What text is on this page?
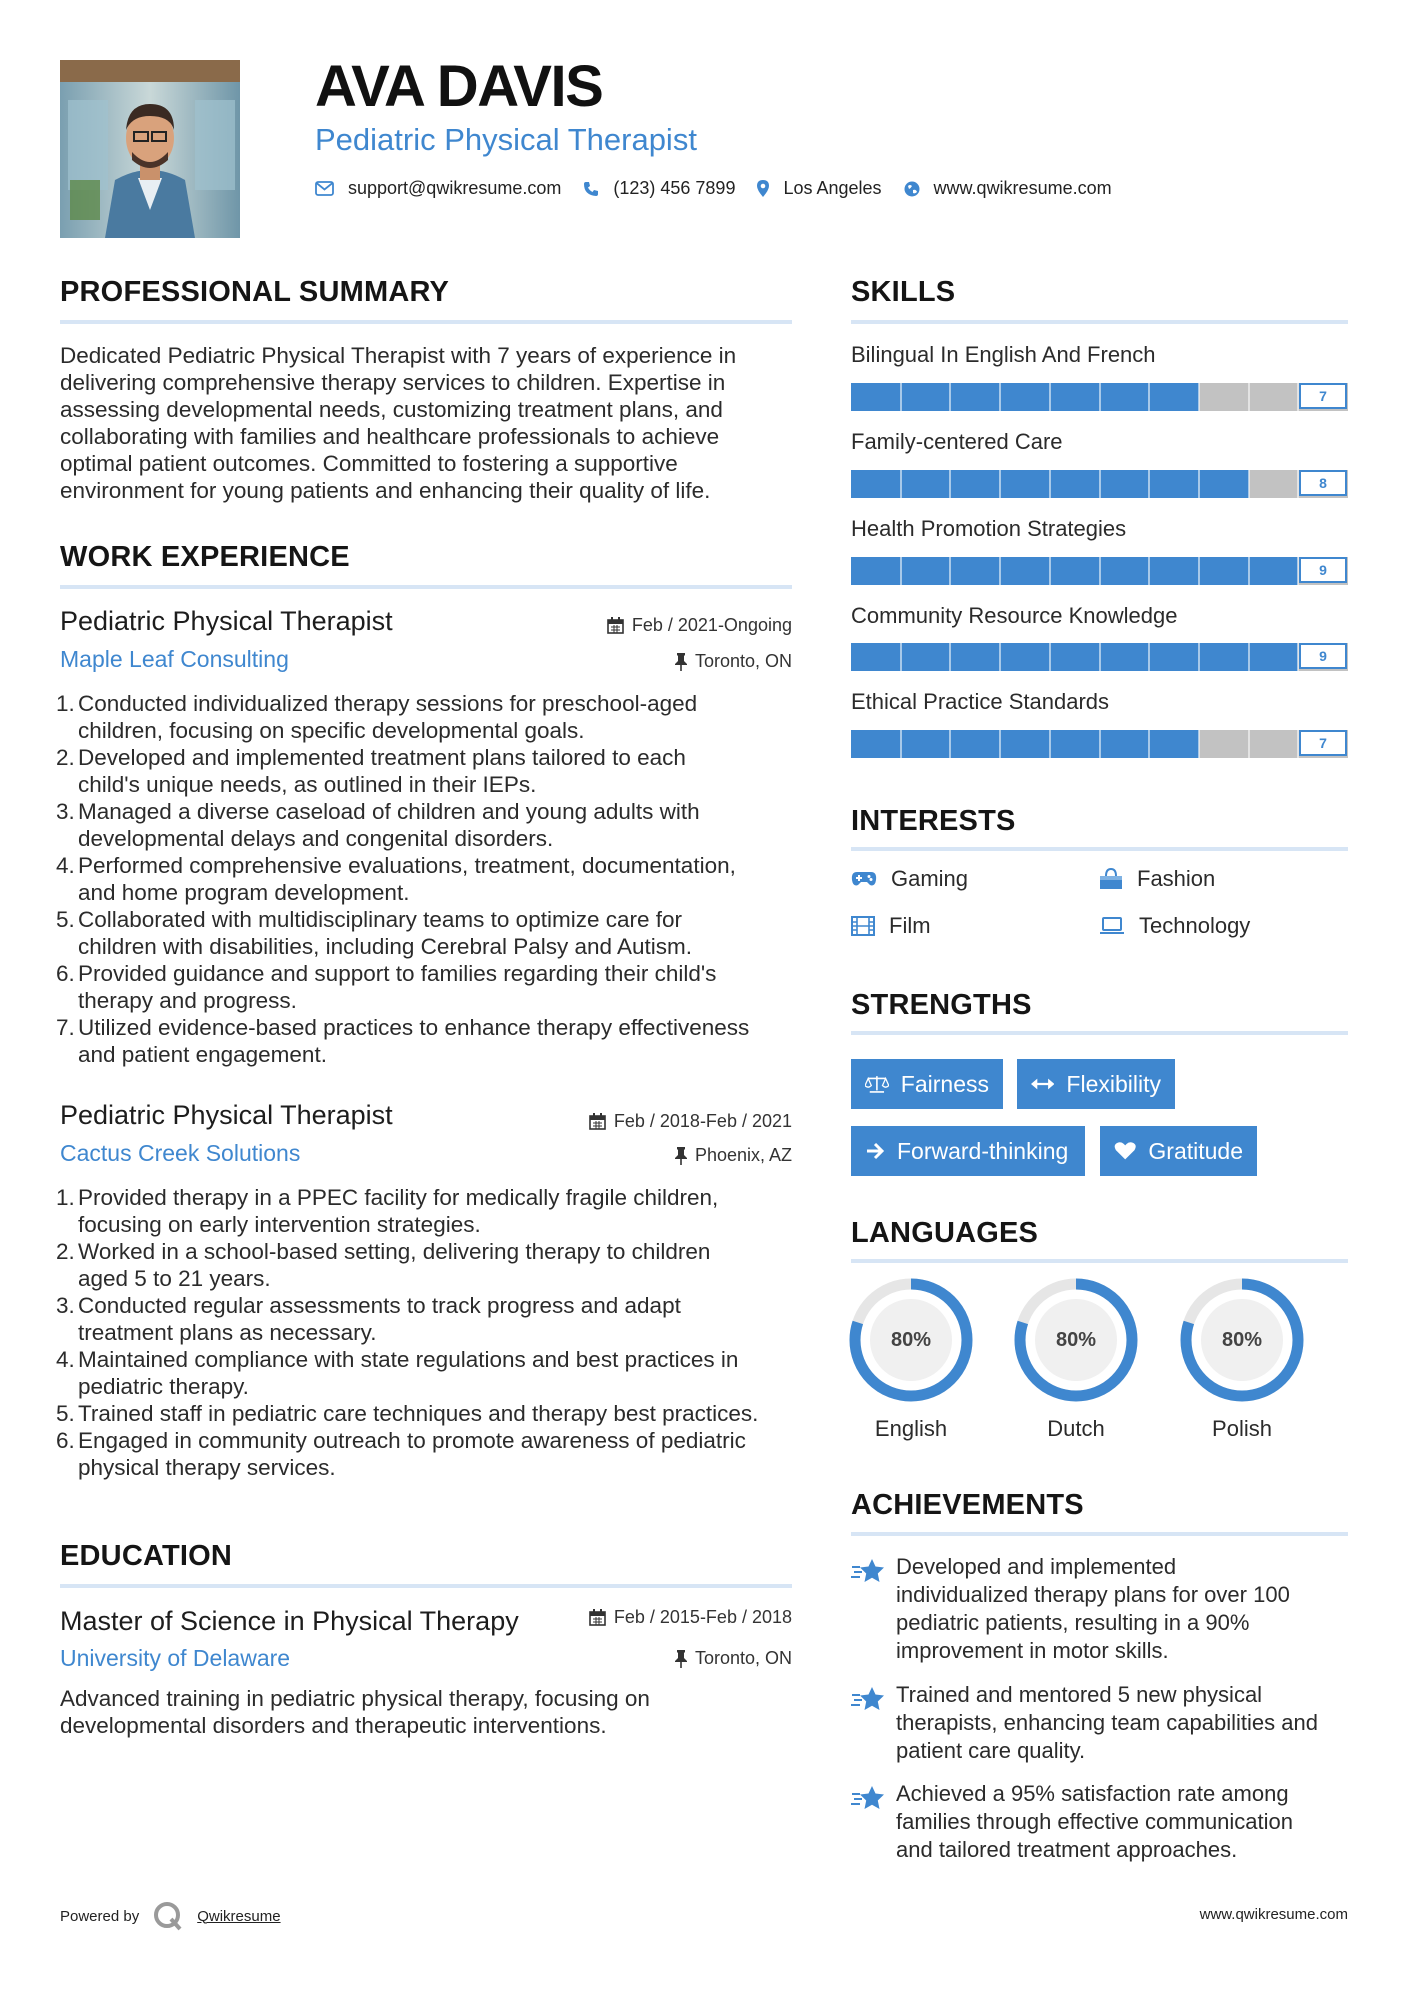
AVA DAVIS
Pediatric Physical Therapist
support@qwikresume.com	(123) 456 7899	Los Angeles	www.qwikresume.com
PROFESSIONAL SUMMARY
Dedicated Pediatric Physical Therapist with 7 years of experience in
delivering comprehensive therapy services to children. Expertise in
assessing developmental needs, customizing treatment plans, and
collaborating with families and healthcare professionals to achieve
optimal patient outcomes. Committed to fostering a supportive
environment for young patients and enhancing their quality of life.
WORK EXPERIENCE
Pediatric Physical Therapist	Feb / 2021-Ongoing
Maple Leaf Consulting	Toronto, ON
1. Conducted individualized therapy sessions for preschool-aged
children, focusing on specific developmental goals.
2. Developed and implemented treatment plans tailored to each
child's unique needs, as outlined in their IEPs.
3. Managed a diverse caseload of children and young adults with
developmental delays and congenital disorders.
4. Performed comprehensive evaluations, treatment, documentation,
and home program development.
5. Collaborated with multidisciplinary teams to optimize care for
children with disabilities, including Cerebral Palsy and Autism.
6. Provided guidance and support to families regarding their child's
therapy and progress.
7. Utilized evidence-based practices to enhance therapy effectiveness
and patient engagement.
Pediatric Physical Therapist	Feb / 2018-Feb / 2021
Cactus Creek Solutions	Phoenix, AZ
1. Provided therapy in a PPEC facility for medically fragile children,
focusing on early intervention strategies.
2. Worked in a school-based setting, delivering therapy to children
aged 5 to 21 years.
3. Conducted regular assessments to track progress and adapt
treatment plans as necessary.
4. Maintained compliance with state regulations and best practices in
pediatric therapy.
5. Trained staff in pediatric care techniques and therapy best practices.
6. Engaged in community outreach to promote awareness of pediatric
physical therapy services.
EDUCATION
Master of Science in Physical Therapy	Feb / 2015-Feb / 2018
University of Delaware	Toronto, ON
Advanced training in pediatric physical therapy, focusing on
developmental disorders and therapeutic interventions.
SKILLS
Bilingual In English And French
7
Family-centered Care
8
Health Promotion Strategies
9
Community Resource Knowledge
9
Ethical Practice Standards
7
INTERESTS
Gaming	Fashion
Film	Technology
STRENGTHS
Fairness	Flexibility
Forward-thinking	Gratitude
LANGUAGES
80%
English
80%
Dutch
80%
Polish
ACHIEVEMENTS
Developed and implemented
individualized therapy plans for over 100
pediatric patients, resulting in a 90%
improvement in motor skills.
Trained and mentored 5 new physical
therapists, enhancing team capabilities and
patient care quality.
Achieved a 95% satisfaction rate among
families through effective communication
and tailored treatment approaches.
Powered by	Qwikresume	www.qwikresume.com
